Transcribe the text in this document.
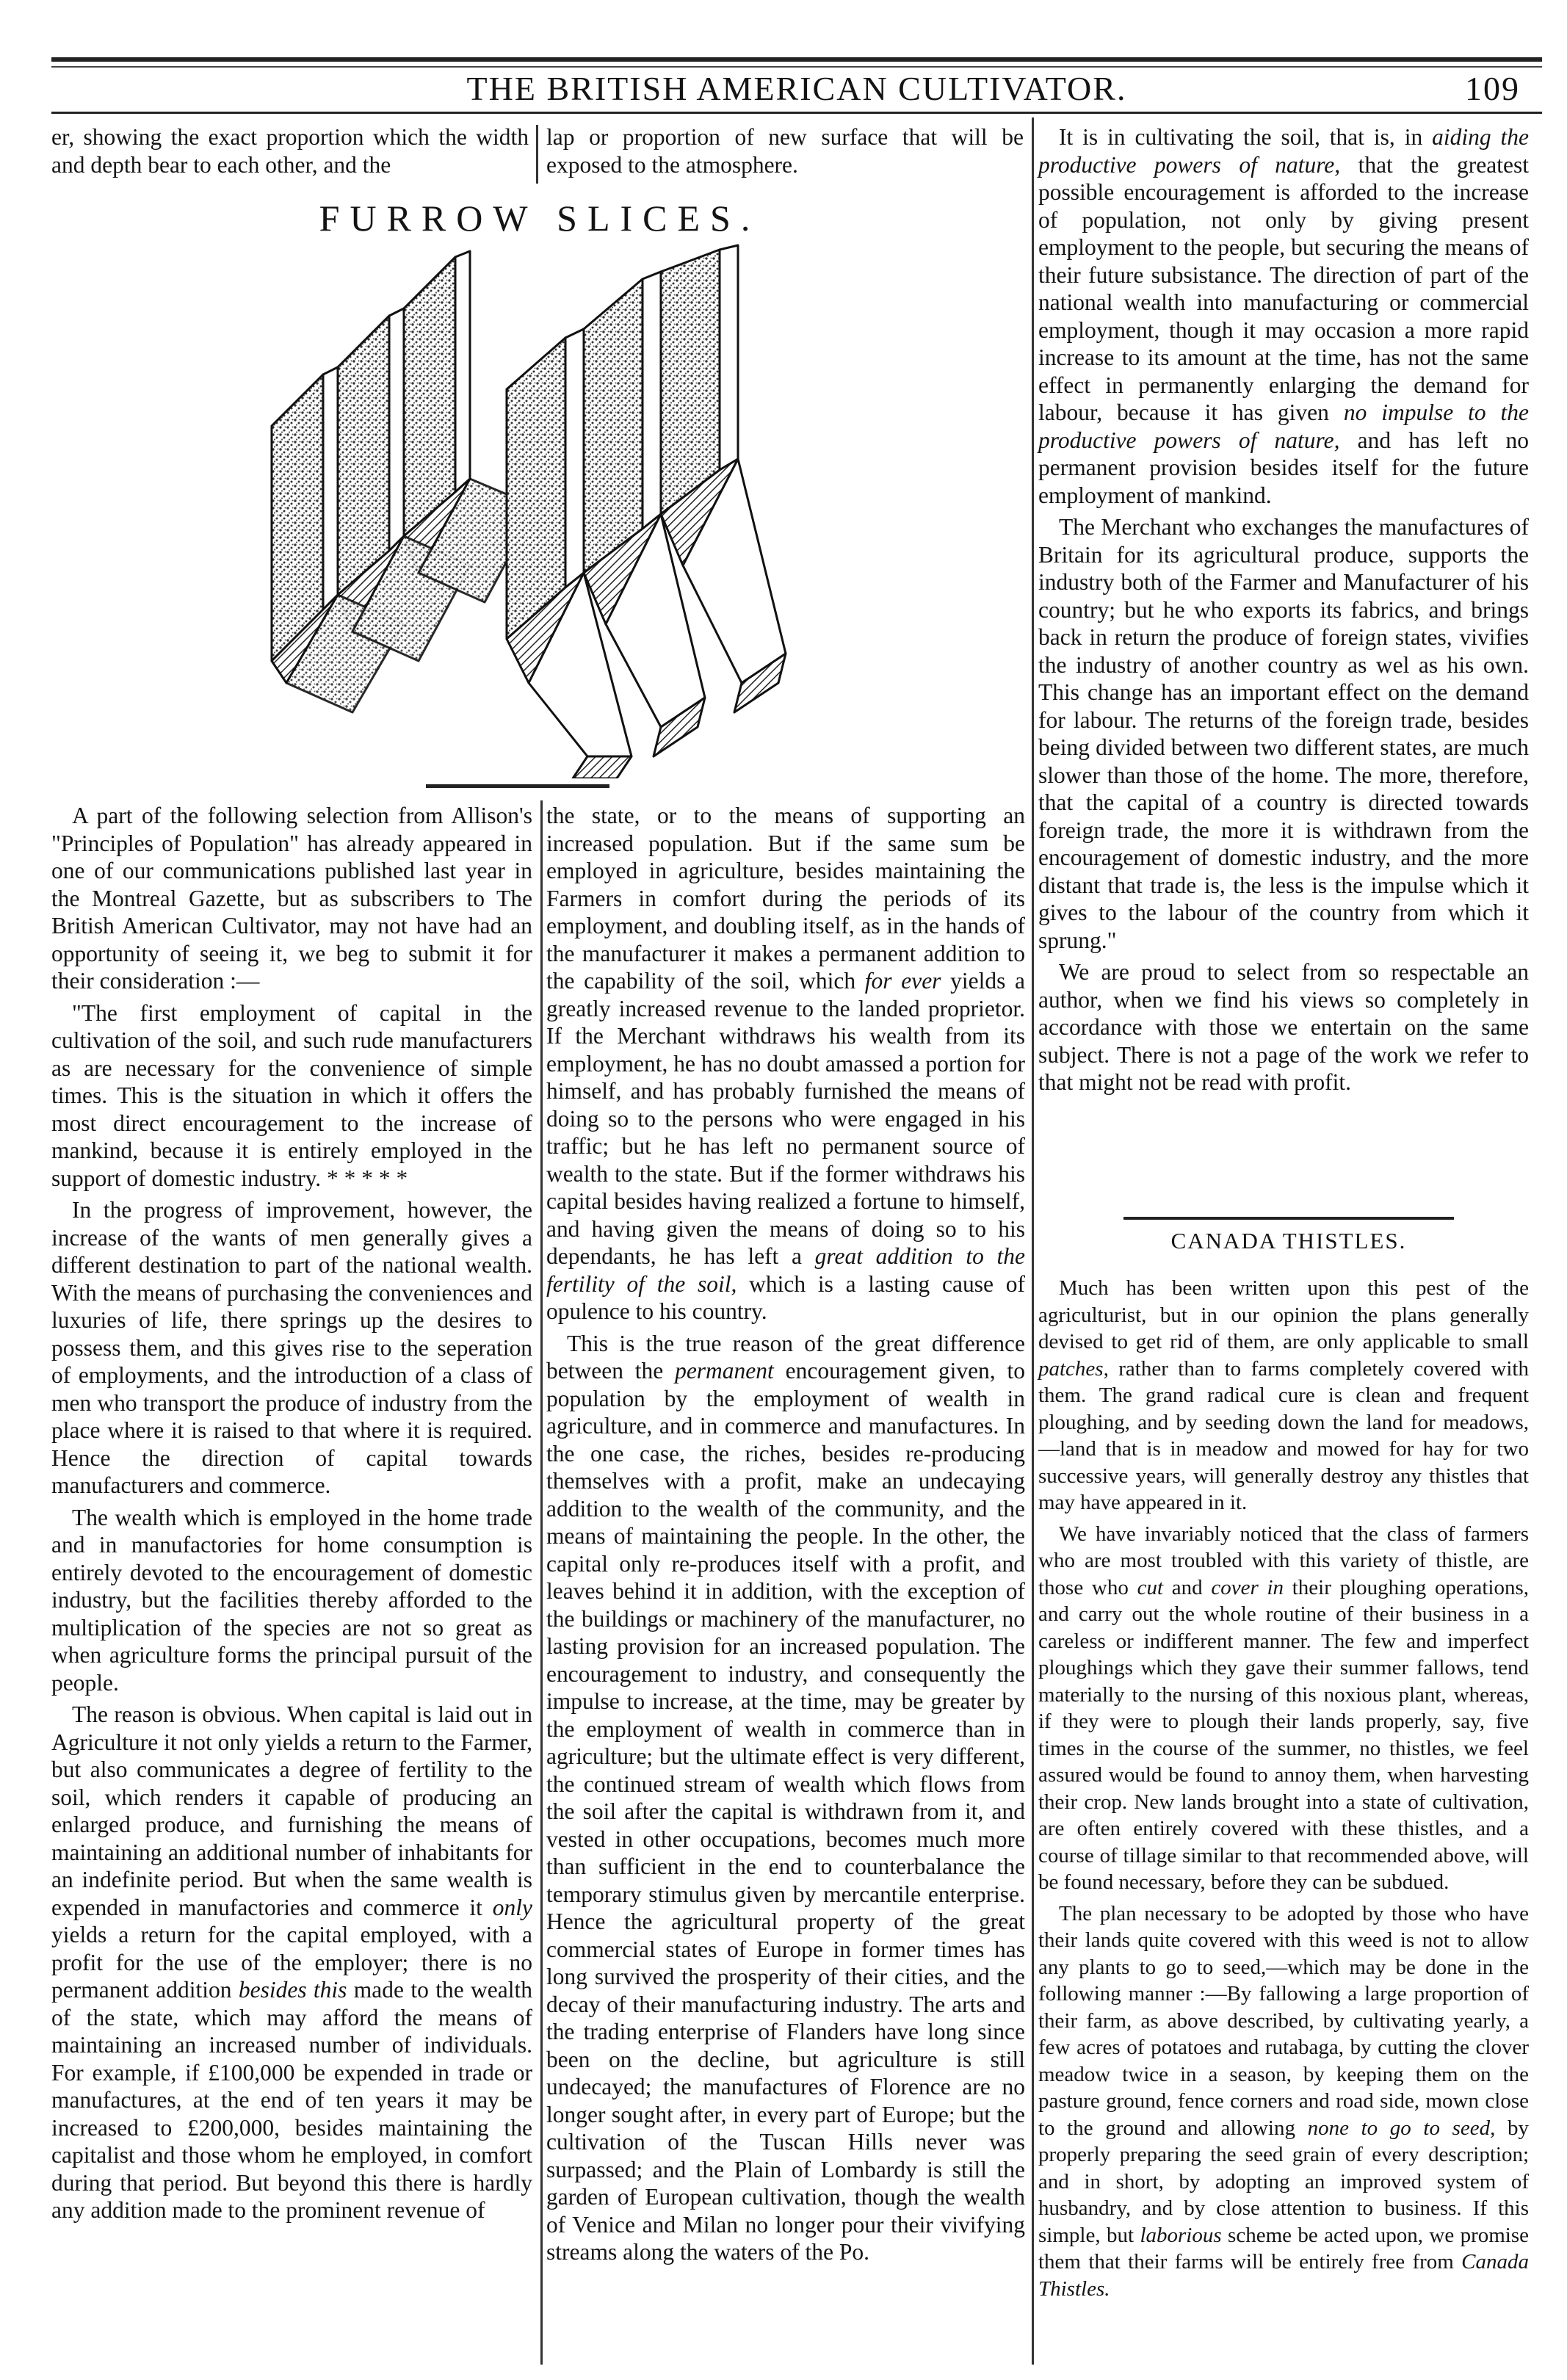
THE BRITISH AMERICAN CULTIVATOR.	109

er, showing the exact proportion which the width and depth bear to each other, and the

lap or proportion of new surface that will be exposed to the atmosphere.

FURROW SLICES.

A part of the following selection from Allison's "Principles of Population" has already appeared in one of our communications published last year in the Montreal Gazette, but as subscribers to The British American Cultivator, may not have had an opportunity of seeing it, we beg to submit it for their consideration :—

"The first employment of capital in the cultivation of the soil, and such rude manufacturers as are necessary for the convenience of simple times. This is the situation in which it offers the most direct encouragement to the increase of mankind, because it is entirely employed in the support of domestic industry. * * * * *

In the progress of improvement, however, the increase of the wants of men generally gives a different destination to part of the national wealth. With the means of purchasing the conveniences and luxuries of life, there springs up the desires to possess them, and this gives rise to the seperation of employments, and the introduction of a class of men who transport the produce of industry from the place where it is raised to that where it is required. Hence the direction of capital towards manufacturers and commerce.

The wealth which is employed in the home trade and in manufactories for home consumption is entirely devoted to the encouragement of domestic industry, but the facilities thereby afforded to the multiplication of the species are not so great as when agriculture forms the principal pursuit of the people.

The reason is obvious. When capital is laid out in Agriculture it not only yields a return to the Farmer, but also communicates a degree of fertility to the soil, which renders it capable of producing an enlarged produce, and furnishing the means of maintaining an additional number of inhabitants for an indefinite period. But when the same wealth is expended in manufactories and commerce it only yields a return for the capital employed, with a profit for the use of the employer; there is no permanent addition besides this made to the wealth of the state, which may afford the means of maintaining an increased number of individuals. For example, if £100,000 be expended in trade or manufactures, at the end of ten years it may be increased to £200,000, besides maintaining the capitalist and those whom he employed, in comfort during that period. But beyond this there is hardly any addition made to the prominent revenue of

the state, or to the means of supporting an increased population. But if the same sum be employed in agriculture, besides maintaining the Farmers in comfort during the periods of its employment, and doubling itself, as in the hands of the manufacturer it makes a permanent addition to the capability of the soil, which for ever yields a greatly increased revenue to the landed proprietor. If the Merchant withdraws his wealth from its employment, he has no doubt amassed a portion for himself, and has probably furnished the means of doing so to the persons who were engaged in his traffic; but he has left no permanent source of wealth to the state. But if the former withdraws his capital besides having realized a fortune to himself, and having given the means of doing so to his dependants, he has left a great addition to the fertility of the soil, which is a lasting cause of opulence to his country.

This is the true reason of the great difference between the permanent encouragement given, to population by the employment of wealth in agriculture, and in commerce and manufactures. In the one case, the riches, besides re-producing themselves with a profit, make an undecaying addition to the wealth of the community, and the means of maintaining the people. In the other, the capital only re-produces itself with a profit, and leaves behind it in addition, with the exception of the buildings or machinery of the manufacturer, no lasting provision for an increased population. The encouragement to industry, and consequently the impulse to increase, at the time, may be greater by the employment of wealth in commerce than in agriculture; but the ultimate effect is very different, the continued stream of wealth which flows from the soil after the capital is withdrawn from it, and vested in other occupations, becomes much more than sufficient in the end to counterbalance the temporary stimulus given by mercantile enterprise. Hence the agricultural property of the great commercial states of Europe in former times has long survived the prosperity of their cities, and the decay of their manufacturing industry. The arts and the trading enterprise of Flanders have long since been on the decline, but agriculture is still undecayed; the manufactures of Florence are no longer sought after, in every part of Europe; but the cultivation of the Tuscan Hills never was surpassed; and the Plain of Lombardy is still the garden of European cultivation, though the wealth of Venice and Milan no longer pour their vivifying streams along the waters of the Po.

It is in cultivating the soil, that is, in aiding the productive powers of nature, that the greatest possible encouragement is afforded to the increase of population, not only by giving present employment to the people, but securing the means of their future subsistance. The direction of part of the national wealth into manufacturing or commercial employment, though it may occasion a more rapid increase to its amount at the time, has not the same effect in permanently enlarging the demand for labour, because it has given no impulse to the productive powers of nature, and has left no permanent provision besides itself for the future employment of mankind.

The Merchant who exchanges the manufactures of Britain for its agricultural produce, supports the industry both of the Farmer and Manufacturer of his country; but he who exports its fabrics, and brings back in return the produce of foreign states, vivifies the industry of another country as wel as his own. This change has an important effect on the demand for labour. The returns of the foreign trade, besides being divided between two different states, are much slower than those of the home. The more, therefore, that the capital of a country is directed towards foreign trade, the more it is withdrawn from the encouragement of domestic industry, and the more distant that trade is, the less is the impulse which it gives to the labour of the country from which it sprung."

We are proud to select from so respectable an author, when we find his views so completely in accordance with those we entertain on the same subject. There is not a page of the work we refer to that might not be read with profit.

CANADA THISTLES.

Much has been written upon this pest of the agriculturist, but in our opinion the plans generally devised to get rid of them, are only applicable to small patches, rather than to farms completely covered with them. The grand radical cure is clean and frequent ploughing, and by seeding down the land for meadows,—land that is in meadow and mowed for hay for two successive years, will generally destroy any thistles that may have appeared in it.

We have invariably noticed that the class of farmers who are most troubled with this variety of thistle, are those who cut and cover in their ploughing operations, and carry out the whole routine of their business in a careless or indifferent manner. The few and imperfect ploughings which they gave their summer fallows, tend materially to the nursing of this noxious plant, whereas, if they were to plough their lands properly, say, five times in the course of the summer, no thistles, we feel assured would be found to annoy them, when harvesting their crop. New lands brought into a state of cultivation, are often entirely covered with these thistles, and a course of tillage similar to that recommended above, will be found necessary, before they can be subdued.

The plan necessary to be adopted by those who have their lands quite covered with this weed is not to allow any plants to go to seed,—which may be done in the following manner :—By fallowing a large proportion of their farm, as above described, by cultivating yearly, a few acres of potatoes and rutabaga, by cutting the clover meadow twice in a season, by keeping them on the pasture ground, fence corners and road side, mown close to the ground and allowing none to go to seed, by properly preparing the seed grain of every description; and in short, by adopting an improved system of husbandry, and by close attention to business. If this simple, but laborious scheme be acted upon, we promise them that their farms will be entirely free from Canada Thistles.
